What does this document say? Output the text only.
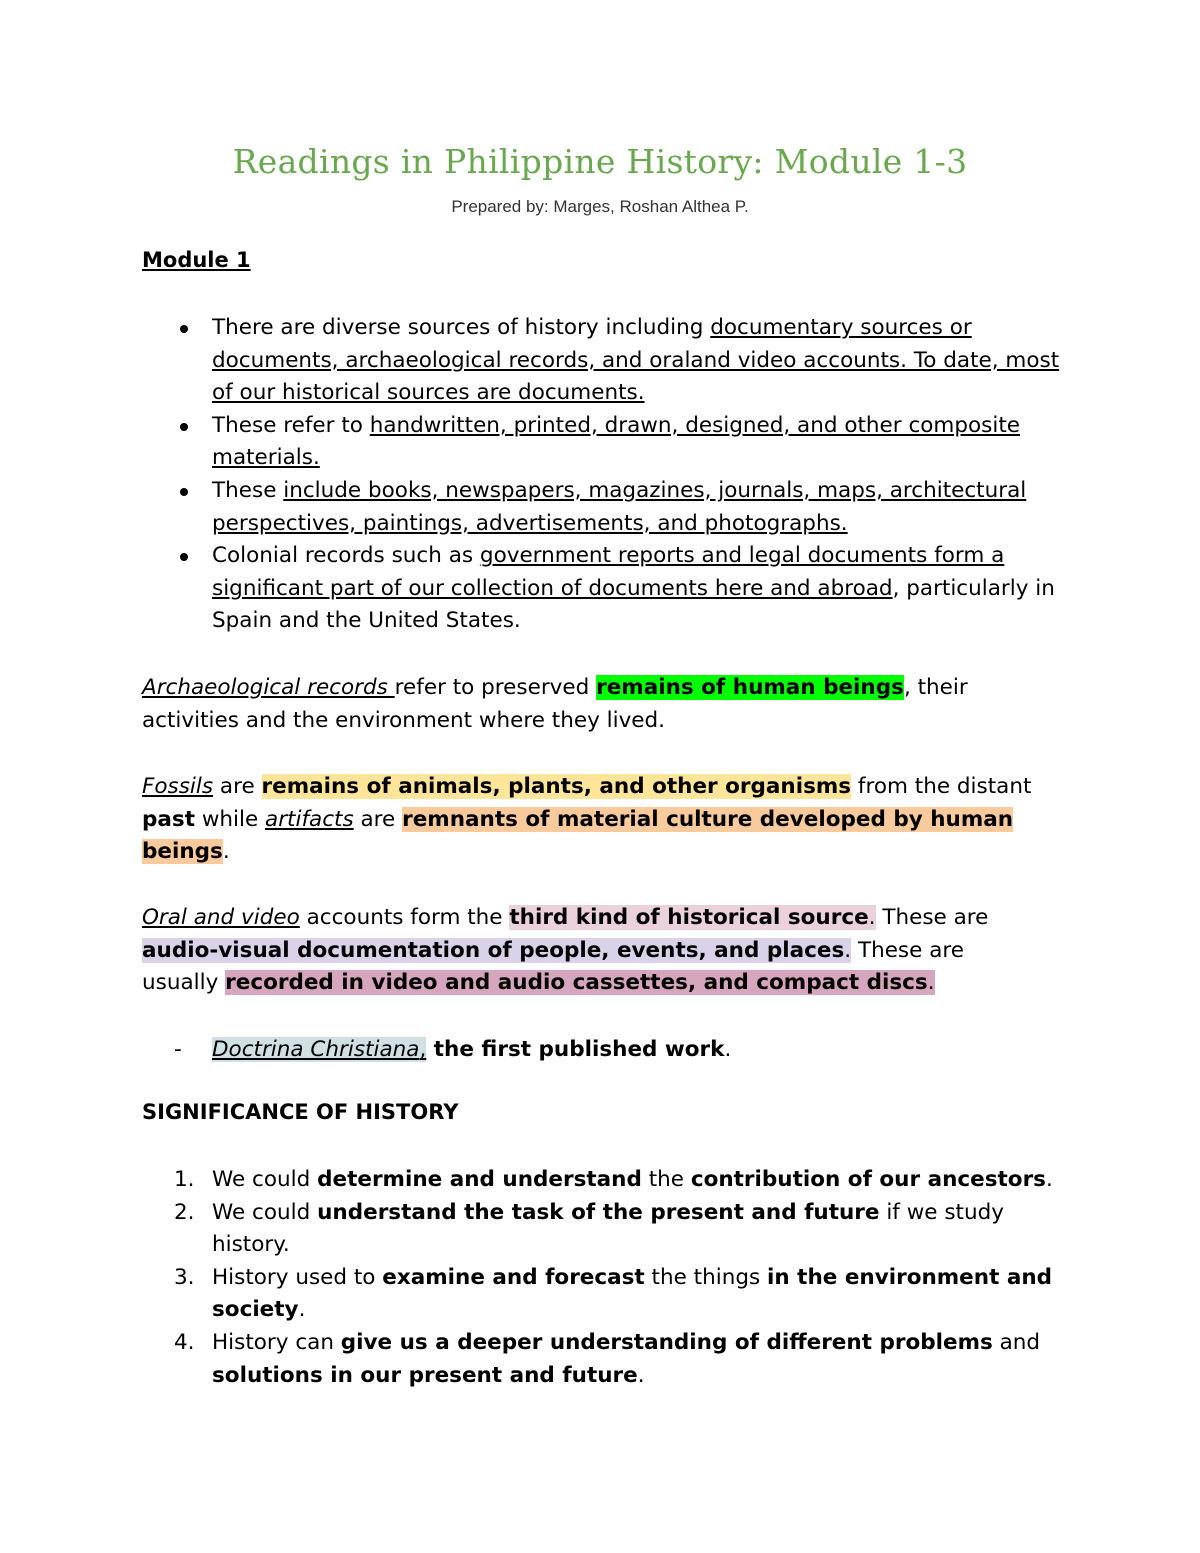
Readings in Philippine History: Module 1-3
Prepared by: Marges, Roshan Althea P.
Module 1
There are diverse sources of history including documentary sources or documents, archaeological records, and oraland video accounts. To date, most of our historical sources are documents.
These refer to handwritten, printed, drawn, designed, and other composite materials.
These include books, newspapers, magazines, journals, maps, architectural perspectives, paintings, advertisements, and photographs.
Colonial records such as government reports and legal documents form a significant part of our collection of documents here and abroad, particularly in Spain and the United States.
Archaeological records refer to preserved remains of human beings, their activities and the environment where they lived.
Fossils are remains of animals, plants, and other organisms from the distant past while artifacts are remnants of material culture developed by human beings.
Oral and video accounts form the third kind of historical source. These are audio-visual documentation of people, events, and places. These are usually recorded in video and audio cassettes, and compact discs.
- Doctrina Christiana, the first published work.
SIGNIFICANCE OF HISTORY
1. We could determine and understand the contribution of our ancestors.
2. We could understand the task of the present and future if we study history.
3. History used to examine and forecast the things in the environment and society.
4. History can give us a deeper understanding of different problems and solutions in our present and future.
